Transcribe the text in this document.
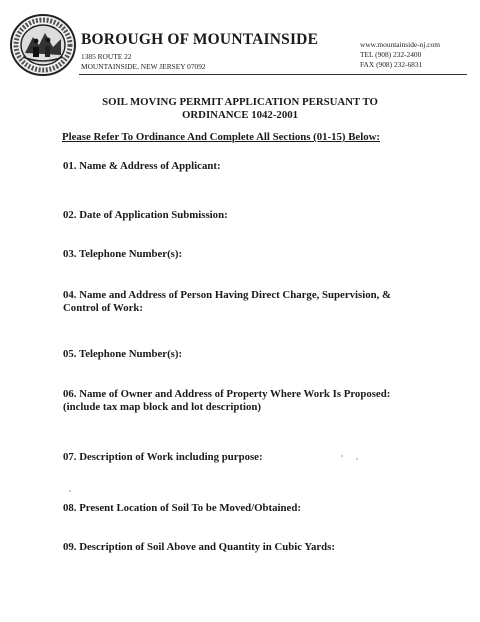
BOROUGH OF MOUNTAINSIDE
1385 ROUTE 22
MOUNTAINSIDE, NEW JERSEY 07092
www.mountainside-nj.com
TEL (908) 232-2400
FAX (908) 232-6831
SOIL MOVING PERMIT APPLICATION PERSUANT TO
ORDINANCE 1042-2001
Please Refer To Ordinance And Complete All Sections (01-15) Below:
01. Name & Address of Applicant:
02. Date of Application Submission:
03. Telephone Number(s):
04. Name and Address of Person Having Direct Charge, Supervision, &
Control of Work:
05. Telephone Number(s):
06. Name of Owner and Address of Property Where Work Is Proposed:
(include tax map block and lot description)
07. Description of Work including purpose:
08. Present Location of Soil To be Moved/Obtained:
09. Description of Soil Above and Quantity in Cubic Yards:
